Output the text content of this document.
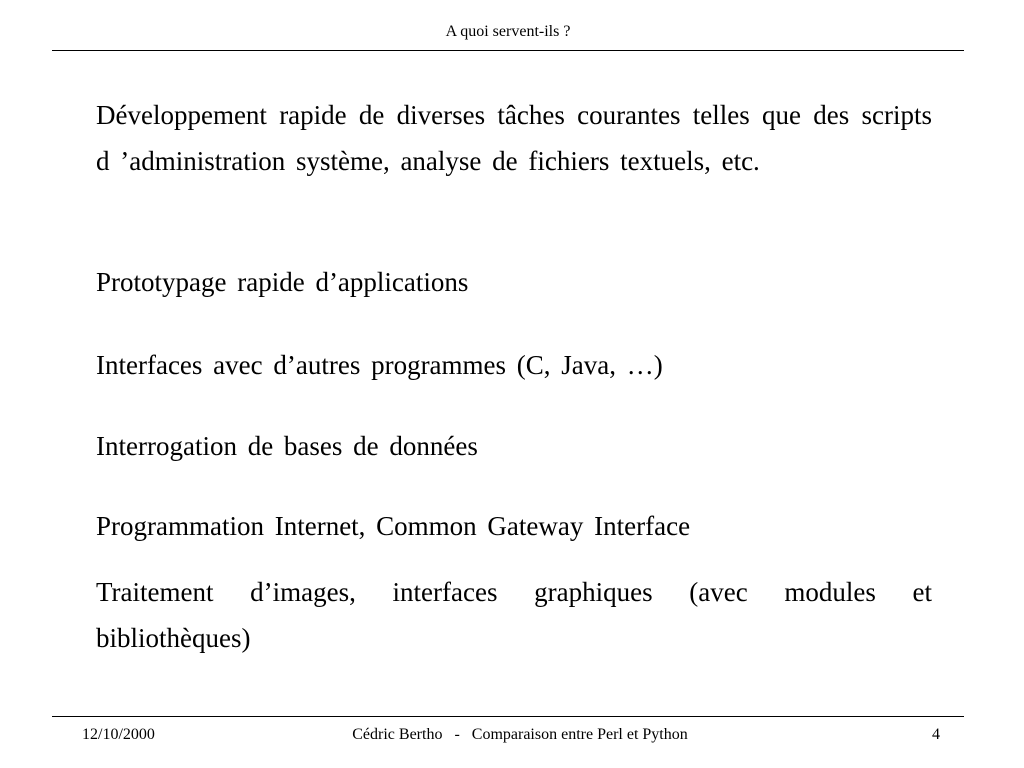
A quoi servent-ils ?
Développement rapide de diverses tâches courantes telles que des scripts d ’administration système, analyse de fichiers textuels, etc.
Prototypage rapide d’applications
Interfaces avec d’autres programmes (C, Java, …)
Interrogation de bases de données
Programmation Internet, Common Gateway Interface
Traitement d’images, interfaces graphiques (avec modules et bibliothèques)
12/10/2000	Cédric Bertho   -   Comparaison entre Perl et Python	4
